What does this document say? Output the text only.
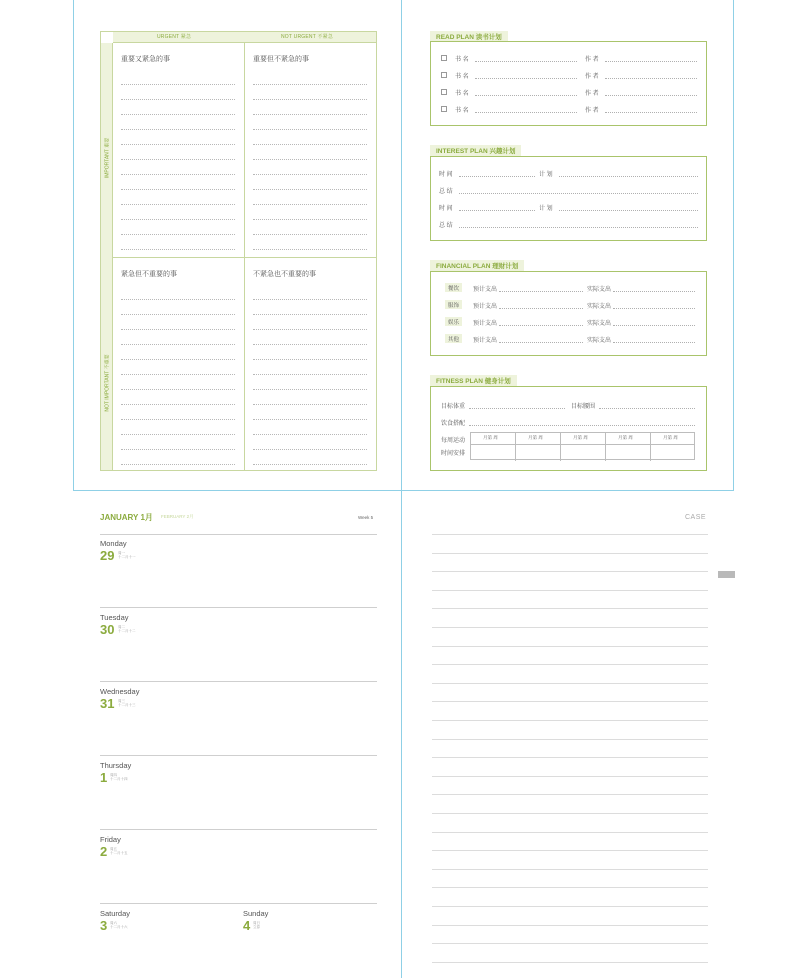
URGENT 紧急	NOT URGENT 不紧急
IMPORTANT 重要
NOT IMPORTANT 不重要
重要又紧急的事	重要但不紧急的事
紧急但不重要的事	不紧急也不重要的事
READ PLAN 读书计划
书 名	作 者
书 名	作 者
书 名	作 者
书 名	作 者
INTEREST PLAN 兴趣计划
时 间	计 划
总 结
时 间	计 划
总 结
FINANCIAL PLAN 理财计划
餐饮	预计支出	实际支出
服饰	预计支出	实际支出
娱乐	预计支出	实际支出
其他	预计支出	实际支出
FITNESS PLAN 健身计划
目标体重	目标腰围
饮食搭配
每周运动
时间安排
月第 周	月第 周	月第 周	月第 周	月第 周
JANUARY 1月 FEBRUARY 2月	Week 5
Monday
29 周一
十二月十一
Tuesday
30 周二
十二月十二
Wednesday
31 周三
十二月十三
Thursday
1 周四
十二月十四
Friday
2 周五
十二月十五
Saturday
3 周六
十二月十六
Sunday
4 周日
立春
CASE
